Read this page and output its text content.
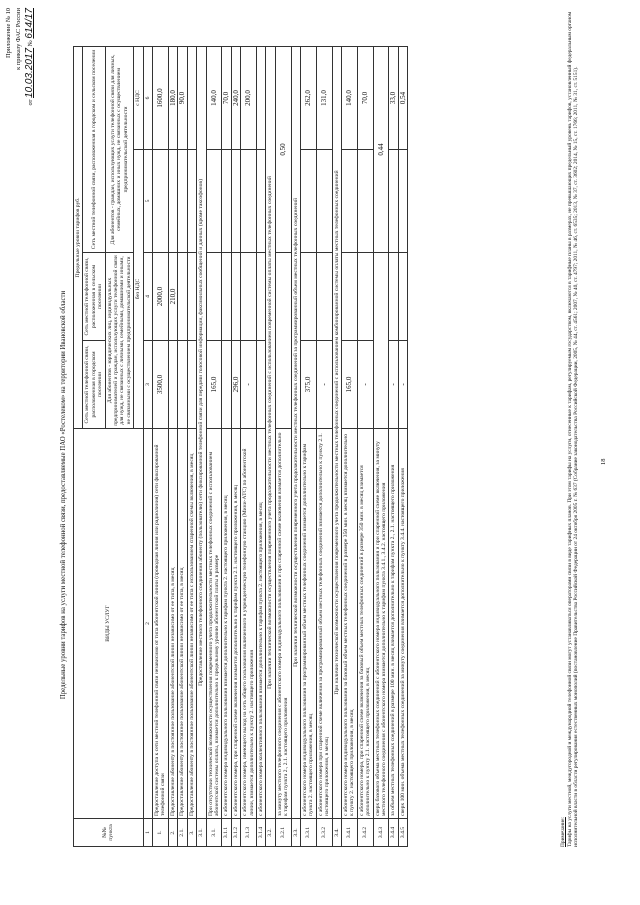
Приложение № 10 к приказу ФАС России
от 10.03.2017 № 614/17
Предельные уровни тарифов на услуги местной телефонной связи, предоставляемые ПАО «Ростелеком» на территории Ивановской области
№№ пункта	ВИДЫ УСЛУГ	Предельные уровни тарифов руб.			
		Сеть местной телефонной связи, расположенная в городском поселении	Сеть местной телефонной связи, расположенная в сельском поселении	Сеть местной телефонной связи, расположенная в городском и сельском поселении	
		Для абонентов - юридических лиц, индивидуальных предпринимателей и граждан, использующих услуги телефонной связи для нужд, не связанных с личными, семейными, домашними и иными, не связанными с осуществлением предпринимательской деятельности		Для абонентов - граждан, использующих услуги телефонной связи для личных, семейных, домашних и иных нужд, не связанных с осуществлением предпринимательской деятельности	
		без НДС			с НДС
1	2	3	4	5	6
1.	Предоставление доступа к сети местной телефонной связи независимо от типа абонентской линии (проводная линия или радиолиния) сети фиксированной телефонной связи	3500,0	2000,0		1600,0
2.	Предоставление абоненту в постоянное пользование абонентской линии независимо от ее типа, в месяц		210,0		180,0
2.1.	Предоставление абоненту в постоянное пользование абонентской линии независимо от ее типа, в месяц				90,0
3.	Предоставление абоненту в постоянное пользование абонентской линии независимо от ее типа с использованием спаренной схемы включения, в месяц				
3.1.	Предоставление местного телефонного соединения абоненту (пользователю) сети фиксированной телефонной связи для передачи голосовой информации, факсимильных сообщений и данных (кроме таксофонов)				
3.1.	При отсутствии технической возможности осуществления повременного учета продолжительности местных телефонных соединений с использованием абонентской системы оплаты, взимается дополнительно к предельному уровню абонентской платы в размере	165,0			140,0
3.1.1	с абонентского номера индивидуального пользования взимается дополнительно к тарифам пункта 2. настоящего приложения, в месяц				70,0
3.1.2	с абонентского номера, при спаренной схеме включения взимается дополнительно к тарифам пункта 2.1. настоящего приложения, в месяц	296,0			240,0
3.1.3	с абонентского номера, имеющего выход на сеть общего пользования включенного в учрежденческую телефонную станцию (Мини-АТС) по абонентской линии, взимается дополнительно к пункту 2. настоящего приложения	-			200,0
3.1.4	с абонентского номера коллективного пользования взимается дополнительно к тарифам пункта 2. настоящего приложения, в месяц				
3.2.	При наличии технической возможности осуществления повременного учета продолжительности местных телефонных соединений с использованием повременной системы оплаты местных телефонных соединений				
3.2.1	за минуту местного телефонного соединения с абонентского номера индивидуального пользования и при спаренной схеме включения взимается дополнительно к тарифам пункта 2., 2.1. настоящего приложения			0,50	
3.3.	При наличии технической возможности осуществления повременного учета продолжительности местных телефонных соединений за программированный объем местных телефонных соединений				
3.3.1	с абонентского номера индивидуального пользования за программированный объем местных телефонных соединений взимается дополнительно к тарифам пункта 2. настоящего приложения, в месяц	375,0			262,0
3.3.2	с абонентского номера при спаренной схеме включения за программированный объем местных телефонных соединений взимается дополнительно к пункту 2.1. настоящего приложения, в месяц	-			131,0
3.4.	При наличии технической возможности осуществления повременного учета продолжительности местных телефонных соединений с использованием комбинированной системы оплаты местных телефонных соединений				
3.4.1	с абонентского номера индивидуального пользования за базовый объем местных телефонных соединений в размере 350 мин. в месяц взимается дополнительно к пункту 2. настоящего приложения, в месяц	165,0			140,0
3.4.2	с абонентского номера, при спаренной схеме включения за базовый объем местных телефонных соединений в размере 350 мин. в месяц взимается дополнительно к пункту 2.1. настоящего приложения, в месяц	-			70,0
3.4.3	сверх базового объема местных телефонных соединений с абонентского номера индивидуального пользования и при спаренной схеме включения, за минуту местного телефонного соединения с абонентского номера взимается дополнительно к тарифам пункта 3.4.1., 3.4.2. настоящего приложения			0,44	
3.4.4	за объем местных телефонных соединений в размере 100 мин. в месяц взимается дополнительно к тарифам пункта 2., 2.1. настоящего приложения	-			33,0
3.4.5	сверх 100 мин. объема местных телефонных соединений за минуту соединения взимается дополнительно к пункту 3.4.4. настоящего приложения	-			0,54
Примечание: Тарифы на услуги местной, междугородной и международной телефонной связи могут устанавливаться операторами связи в виде тарифных планов. При этом тарифы на услуги, отнесенные к тарифам, регулируемым государством, включаются в тарифные планы в размерах, не превышающих предельный уровень тарифов, установленный федеральным органом исполнительной власти в области регулирования естественных монополий (постановление Правительства Российской Федерации от 24 октября 2005 г. № 637 (Собрание законодательства Российской Федерации, 2005, № 44, ст. 4561; 2007, № 40, ст. 4797; 2011, № 46, ст. 6535; 2013, № 37, ст. 3602; 2014, № 15, ст. 1766; 2011, № 31, ст. 5151).	18
